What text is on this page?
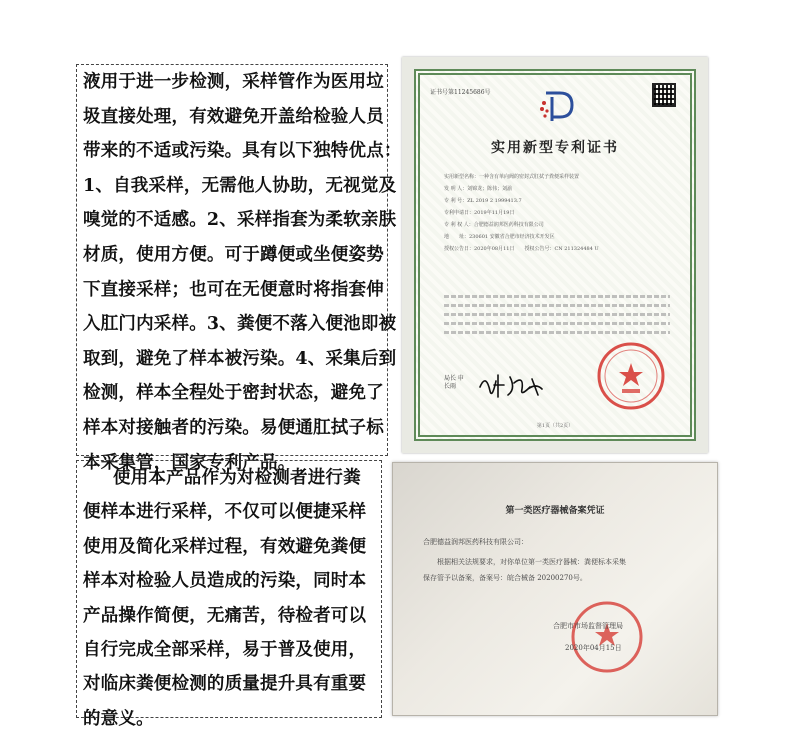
液用于进一步检测，采样管作为医用垃
圾直接处理，有效避免开盖给检验人员
带来的不适或污染。具有以下独特优点：
1、自我采样，无需他人协助，无视觉及
嗅觉的不适感。2、采样指套为柔软亲肤
材质，使用方便。可于蹲便或坐便姿势
下直接采样；也可在无便意时将指套伸
入肛门内采样。3、粪便不落入便池即被
取到，避免了样本被污染。4、采集后到
检测，样本全程处于密封状态，避免了
样本对接触者的污染。易便通肛拭子标
本采集管，国家专利产品。

使用本产品作为对检测者进行粪
便样本进行采样，不仅可以便捷采样
使用及简化采样过程，有效避免粪便
样本对检验人员造成的污染，同时本
产品操作简便，无痛苦，待检者可以
自行完成全部采样，易于普及使用，
对临床粪便检测的质量提升具有重要
的意义。

证书号第11245686号
实用新型专利证书
实用新型名称：一种含有单向阀的密封式肛拭子粪便采样装置
发 明 人：刘锦龙；陈伟；刘渝
专 利 号：ZL 2019 2 1999413.7
专利申请日：2019年11月19日
专 利 权 人：合肥德益润邦医药科技有限公司
地　　址：230601 安徽省合肥市经济技术开发区
授权公告日：2020年08月11日　　授权公告号：CN 211324484 U
局长 申长雨
第1页（共2页）
第一类医疗器械备案凭证
合肥德益润邦医药科技有限公司：
根据相关法规要求，对你单位第一类医疗器械：粪便标本采集
保存管予以备案，备案号：皖合械备 20200270号。
合肥市市场监督管理局
2020年04月15日
